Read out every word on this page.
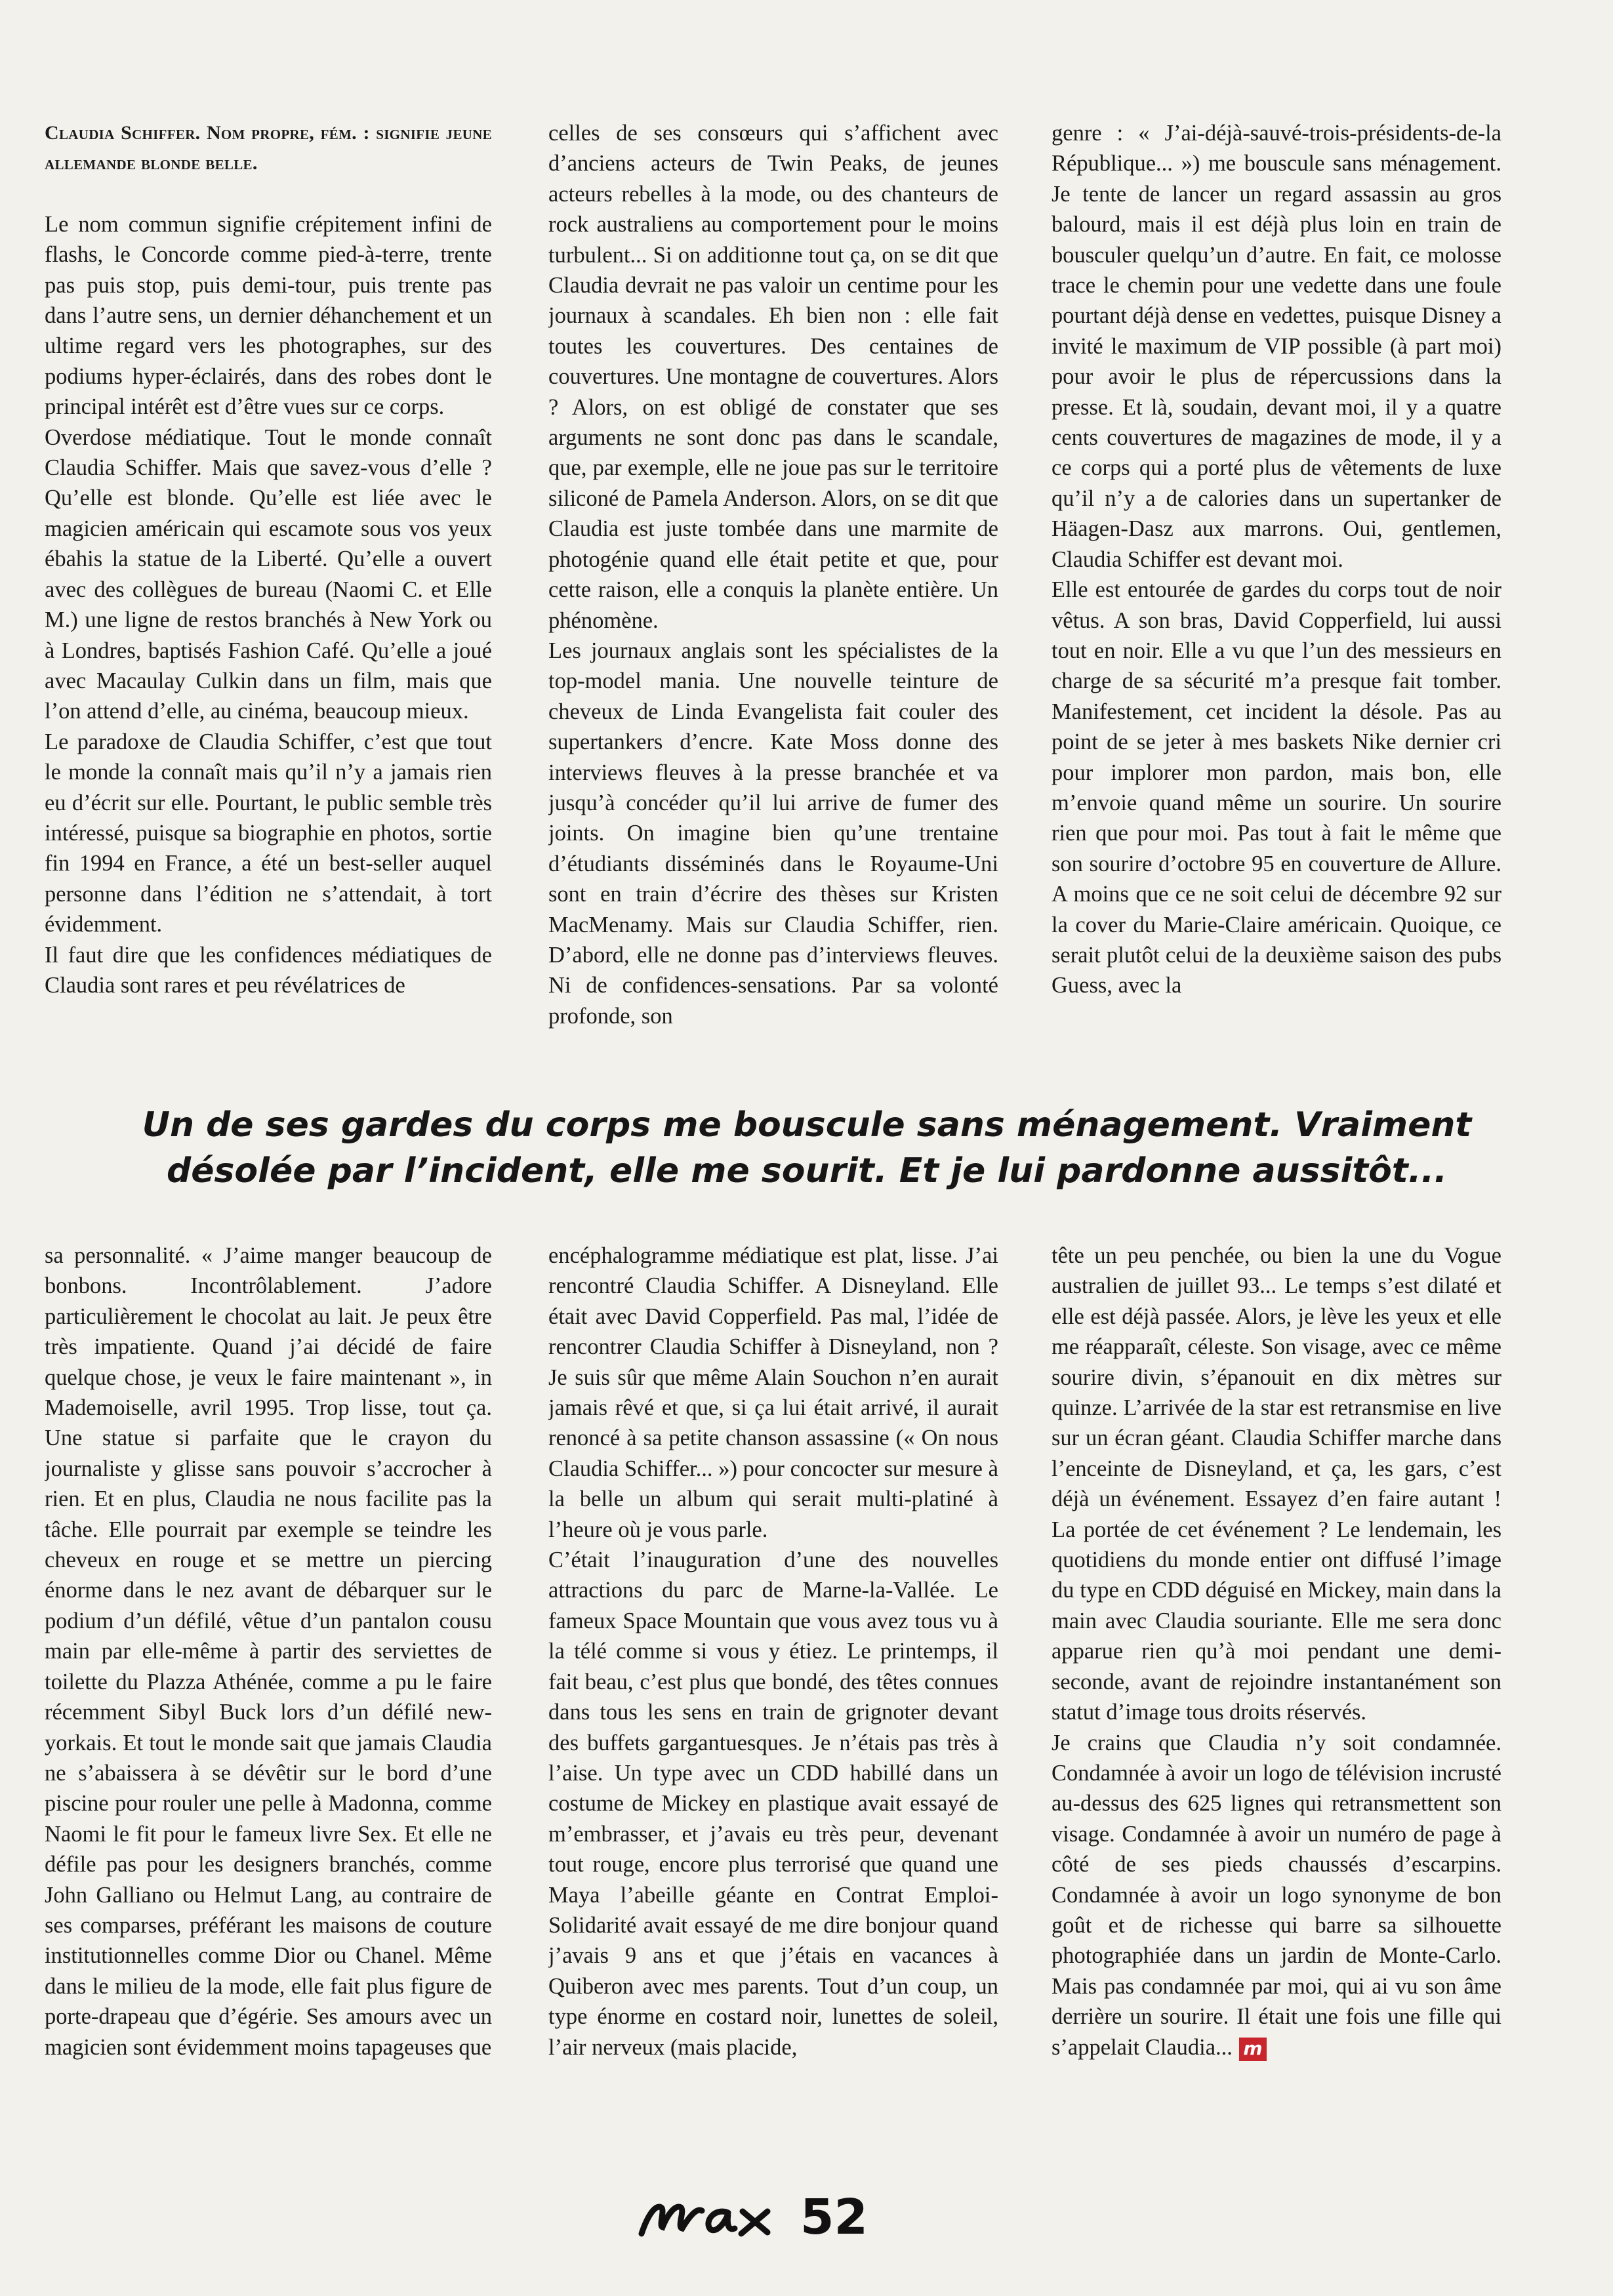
Claudia Schiffer. Nom propre, fém. : signifie jeune allemande blonde belle.

Le nom commun signifie crépitement infini de flashs, le Concorde comme pied-à-terre, trente pas puis stop, puis demi-tour, puis trente pas dans l’autre sens, un dernier déhanchement et un ultime regard vers les photographes, sur des podiums hyper-éclairés, dans des robes dont le principal intérêt est d’être vues sur ce corps.

Overdose médiatique. Tout le monde connaît Claudia Schiffer. Mais que savez-vous d’elle ? Qu’elle est blonde. Qu’elle est liée avec le magicien américain qui escamote sous vos yeux ébahis la statue de la Liberté. Qu’elle a ouvert avec des collègues de bureau (Naomi C. et Elle M.) une ligne de restos branchés à New York ou à Londres, baptisés Fashion Café. Qu’elle a joué avec Macaulay Culkin dans un film, mais que l’on attend d’elle, au cinéma, beaucoup mieux.

Le paradoxe de Claudia Schiffer, c’est que tout le monde la connaît mais qu’il n’y a jamais rien eu d’écrit sur elle. Pourtant, le public semble très intéressé, puisque sa biographie en photos, sortie fin 1994 en France, a été un best-seller auquel personne dans l’édition ne s’attendait, à tort évidemment.

Il faut dire que les confidences médiatiques de Claudia sont rares et peu révélatrices de

celles de ses consœurs qui s’affichent avec d’anciens acteurs de Twin Peaks, de jeunes acteurs rebelles à la mode, ou des chanteurs de rock australiens au comportement pour le moins turbulent... Si on additionne tout ça, on se dit que Claudia devrait ne pas valoir un centime pour les journaux à scandales. Eh bien non : elle fait toutes les couvertures. Des centaines de couvertures. Une montagne de couvertures. Alors ? Alors, on est obligé de constater que ses arguments ne sont donc pas dans le scandale, que, par exemple, elle ne joue pas sur le territoire siliconé de Pamela Anderson. Alors, on se dit que Claudia est juste tombée dans une marmite de photogénie quand elle était petite et que, pour cette raison, elle a conquis la planète entière. Un phénomène.

Les journaux anglais sont les spécialistes de la top-model mania. Une nouvelle teinture de cheveux de Linda Evangelista fait couler des supertankers d’encre. Kate Moss donne des interviews fleuves à la presse branchée et va jusqu’à concéder qu’il lui arrive de fumer des joints. On imagine bien qu’une trentaine d’étudiants disséminés dans le Royaume-Uni sont en train d’écrire des thèses sur Kristen MacMenamy. Mais sur Claudia Schiffer, rien. D’abord, elle ne donne pas d’interviews fleuves. Ni de confidences-sensations. Par sa volonté profonde, son

genre : « J’ai-déjà-sauvé-trois-présidents-de-la République... ») me bouscule sans ménagement. Je tente de lancer un regard assassin au gros balourd, mais il est déjà plus loin en train de bousculer quelqu’un d’autre. En fait, ce molosse trace le chemin pour une vedette dans une foule pourtant déjà dense en vedettes, puisque Disney a invité le maximum de VIP possible (à part moi) pour avoir le plus de répercussions dans la presse. Et là, soudain, devant moi, il y a quatre cents couvertures de magazines de mode, il y a ce corps qui a porté plus de vêtements de luxe qu’il n’y a de calories dans un supertanker de Häagen-Dasz aux marrons. Oui, gentlemen, Claudia Schiffer est devant moi.

Elle est entourée de gardes du corps tout de noir vêtus. A son bras, David Copperfield, lui aussi tout en noir. Elle a vu que l’un des messieurs en charge de sa sécurité m’a presque fait tomber. Manifestement, cet incident la désole. Pas au point de se jeter à mes baskets Nike dernier cri pour implorer mon pardon, mais bon, elle m’envoie quand même un sourire. Un sourire rien que pour moi. Pas tout à fait le même que son sourire d’octobre 95 en couverture de Allure. A moins que ce ne soit celui de décembre 92 sur la cover du Marie-Claire américain. Quoique, ce serait plutôt celui de la deuxième saison des pubs Guess, avec la

Un de ses gardes du corps me bouscule sans ménagement. Vraiment désolée par l’incident, elle me sourit. Et je lui pardonne aussitôt...

sa personnalité. « J’aime manger beaucoup de bonbons. Incontrôlablement. J’adore particulièrement le chocolat au lait. Je peux être très impatiente. Quand j’ai décidé de faire quelque chose, je veux le faire maintenant », in Mademoiselle, avril 1995. Trop lisse, tout ça. Une statue si parfaite que le crayon du journaliste y glisse sans pouvoir s’accrocher à rien. Et en plus, Claudia ne nous facilite pas la tâche. Elle pourrait par exemple se teindre les cheveux en rouge et se mettre un piercing énorme dans le nez avant de débarquer sur le podium d’un défilé, vêtue d’un pantalon cousu main par elle-même à partir des serviettes de toilette du Plazza Athénée, comme a pu le faire récemment Sibyl Buck lors d’un défilé new-yorkais. Et tout le monde sait que jamais Claudia ne s’abaissera à se dévêtir sur le bord d’une piscine pour rouler une pelle à Madonna, comme Naomi le fit pour le fameux livre Sex. Et elle ne défile pas pour les designers branchés, comme John Galliano ou Helmut Lang, au contraire de ses comparses, préférant les maisons de couture institutionnelles comme Dior ou Chanel. Même dans le milieu de la mode, elle fait plus figure de porte-drapeau que d’égérie. Ses amours avec un magicien sont évidemment moins tapageuses que

encéphalogramme médiatique est plat, lisse. J’ai rencontré Claudia Schiffer. A Disneyland. Elle était avec David Copperfield. Pas mal, l’idée de rencontrer Claudia Schiffer à Disneyland, non ? Je suis sûr que même Alain Souchon n’en aurait jamais rêvé et que, si ça lui était arrivé, il aurait renoncé à sa petite chanson assassine (« On nous Claudia Schiffer... ») pour concocter sur mesure à la belle un album qui serait multi-platiné à l’heure où je vous parle.

C’était l’inauguration d’une des nouvelles attractions du parc de Marne-la-Vallée. Le fameux Space Mountain que vous avez tous vu à la télé comme si vous y étiez. Le printemps, il fait beau, c’est plus que bondé, des têtes connues dans tous les sens en train de grignoter devant des buffets gargantuesques. Je n’étais pas très à l’aise. Un type avec un CDD habillé dans un costume de Mickey en plastique avait essayé de m’embrasser, et j’avais eu très peur, devenant tout rouge, encore plus terrorisé que quand une Maya l’abeille géante en Contrat Emploi-Solidarité avait essayé de me dire bonjour quand j’avais 9 ans et que j’étais en vacances à Quiberon avec mes parents. Tout d’un coup, un type énorme en costard noir, lunettes de soleil, l’air nerveux (mais placide,

tête un peu penchée, ou bien la une du Vogue australien de juillet 93... Le temps s’est dilaté et elle est déjà passée. Alors, je lève les yeux et elle me réapparaît, céleste. Son visage, avec ce même sourire divin, s’épanouit en dix mètres sur quinze. L’arrivée de la star est retransmise en live sur un écran géant. Claudia Schiffer marche dans l’enceinte de Disneyland, et ça, les gars, c’est déjà un événement. Essayez d’en faire autant ! La portée de cet événement ? Le lendemain, les quotidiens du monde entier ont diffusé l’image du type en CDD déguisé en Mickey, main dans la main avec Claudia souriante. Elle me sera donc apparue rien qu’à moi pendant une demi-seconde, avant de rejoindre instantanément son statut d’image tous droits réservés.

Je crains que Claudia n’y soit condamnée. Condamnée à avoir un logo de télévision incrusté au-dessus des 625 lignes qui retransmettent son visage. Condamnée à avoir un numéro de page à côté de ses pieds chaussés d’escarpins. Condamnée à avoir un logo synonyme de bon goût et de richesse qui barre sa silhouette photographiée dans un jardin de Monte-Carlo. Mais pas condamnée par moi, qui ai vu son âme derrière un sourire. Il était une fois une fille qui s’appelait Claudia... m

52
